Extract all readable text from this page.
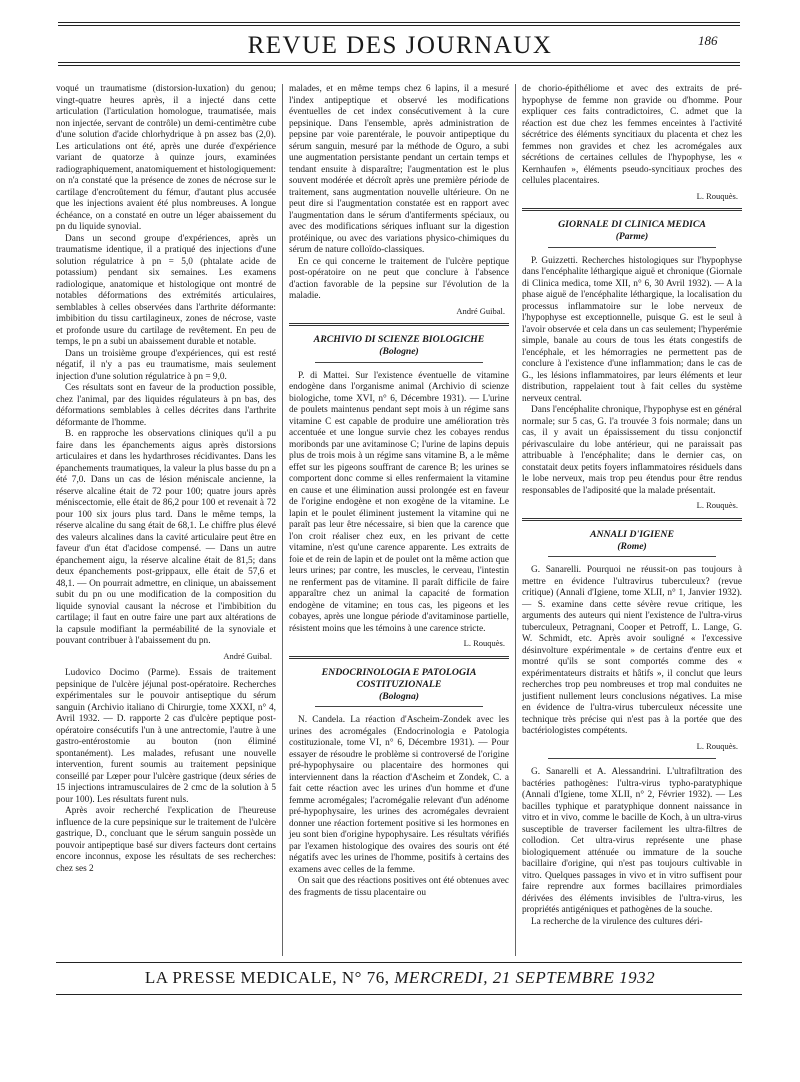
REVUE DES JOURNAUX	186

voqué un traumatisme (distorsion-luxation) du genou; vingt-quatre heures après, il a injecté dans cette articulation (l'articulation homologue, traumatisée, mais non injectée, servant de contrôle) un demi-centimètre cube d'une solution d'acide chlorhydrique à pn assez bas (2,0). Les articulations ont été, après une durée d'expérience variant de quatorze à quinze jours, examinées radiographiquement, anatomiquement et histologiquement: on n'a constaté que la présence de zones de nécrose sur le cartilage d'encroûtement du fémur, d'autant plus accusée que les injections avaient été plus nombreuses. A longue échéance, on a constaté en outre un léger abaissement du pn du liquide synovial.

Dans un second groupe d'expériences, après un traumatisme identique, il a pratiqué des injections d'une solution régulatrice à pn = 5,0 (phtalate acide de potassium) pendant six semaines. Les examens radiologique, anatomique et histologique ont montré de notables déformations des extrémités articulaires, semblables à celles observées dans l'arthrite déformante: imbibition du tissu cartilagineux, zones de nécrose, vaste et profonde usure du cartilage de revêtement. En peu de temps, le pn a subi un abaissement durable et notable.

Dans un troisième groupe d'expériences, qui est resté négatif, il n'y a pas eu traumatisme, mais seulement injection d'une solution régulatrice à pn = 9,0.

Ces résultats sont en faveur de la production possible, chez l'animal, par des liquides régulateurs à pn bas, des déformations semblables à celles décrites dans l'arthrite déformante de l'homme.

B. en rapproche les observations cliniques qu'il a pu faire dans les épanchements aigus après distorsions articulaires et dans les hydarthroses récidivantes. Dans les épanchements traumatiques, la valeur la plus basse du pn a été 7,0. Dans un cas de lésion méniscale ancienne, la réserve alcaline était de 72 pour 100; quatre jours après méniscectomie, elle était de 86,2 pour 100 et revenait à 72 pour 100 six jours plus tard. Dans le même temps, la réserve alcaline du sang était de 68,1. Le chiffre plus élevé des valeurs alcalines dans la cavité articulaire peut être en faveur d'un état d'acidose compensé. — Dans un autre épanchement aigu, la réserve alcaline était de 81,5; dans deux épanchements post-grippaux, elle était de 57,6 et 48,1. — On pourrait admettre, en clinique, un abaissement subit du pn ou une modification de la composition du liquide synovial causant la nécrose et l'imbibition du cartilage; il faut en outre faire une part aux altérations de la capsule modifiant la perméabilité de la synoviale et pouvant contribuer à l'abaissement du pn.

André Guibal.

Ludovico Docimo (Parme). Essais de traitement pepsinique de l'ulcère jéjunal post-opératoire. Recherches expérimentales sur le pouvoir antiseptique du sérum sanguin (Archivio italiano di Chirurgie, tome XXXI, n° 4, Avril 1932. — D. rapporte 2 cas d'ulcère peptique post-opératoire consécutifs l'un à une antrectomie, l'autre à une gastro-entérostomie au bouton (non éliminé spontanément). Les malades, refusant une nouvelle intervention, furent soumis au traitement pepsinique conseillé par Lœper pour l'ulcère gastrique (deux séries de 15 injections intramusculaires de 2 cmc de la solution à 5 pour 100). Les résultats furent nuls.

Après avoir recherché l'explication de l'heureuse influence de la cure pepsinique sur le traitement de l'ulcère gastrique, D., concluant que le sérum sanguin possède un pouvoir antipeptique basé sur divers facteurs dont certains encore inconnus, expose les résultats de ses recherches: chez ses 2

malades, et en même temps chez 6 lapins, il a mesuré l'index antipeptique et observé les modifications éventuelles de cet index consécutivement à la cure pepsinique. Dans l'ensemble, après administration de pepsine par voie parentérale, le pouvoir antipeptique du sérum sanguin, mesuré par la méthode de Oguro, a subi une augmentation persistante pendant un certain temps et tendant ensuite à disparaître; l'augmentation est le plus souvent modérée et décroît après une première période de traitement, sans augmentation nouvelle ultérieure. On ne peut dire si l'augmentation constatée est en rapport avec l'augmentation dans le sérum d'antiferments spéciaux, ou avec des modifications sériques influant sur la digestion protéinique, ou avec des variations physico-chimiques du sérum de nature colloïdo-classiques.

En ce qui concerne le traitement de l'ulcère peptique post-opératoire on ne peut que conclure à l'absence d'action favorable de la pepsine sur l'évolution de la maladie.

André Guibal.

ARCHIVIO DI SCIENZE BIOLOGICHE

(Bologne)

P. di Mattei. Sur l'existence éventuelle de vitamine endogène dans l'organisme animal (Archivio di scienze biologiche, tome XVI, n° 6, Décembre 1931). — L'urine de poulets maintenus pendant sept mois à un régime sans vitamine C est capable de produire une amélioration très accentuée et une longue survie chez les cobayes rendus moribonds par une avitaminose C; l'urine de lapins depuis plus de trois mois à un régime sans vitamine B, a le même effet sur les pigeons souffrant de carence B; les urines se comportent donc comme si elles renfermaient la vitamine en cause et une élimination aussi prolongée est en faveur de l'origine endogène et non exogène de la vitamine. Le lapin et le poulet éliminent justement la vitamine qui ne paraît pas leur être nécessaire, si bien que la carence que l'on croit réaliser chez eux, en les privant de cette vitamine, n'est qu'une carence apparente. Les extraits de foie et de rein de lapin et de poulet ont la même action que leurs urines; par contre, les muscles, le cerveau, l'intestin ne renferment pas de vitamine. Il paraît difficile de faire apparaître chez un animal la capacité de formation endogène de vitamine; en tous cas, les pigeons et les cobayes, après une longue période d'avitaminose partielle, résistent moins que les témoins à une carence stricte.

L. Rouquès.

ENDOCRINOLOGIA E PATOLOGIA COSTITUZIONALE

(Bologna)

N. Candela. La réaction d'Ascheim-Zondek avec les urines des acromégales (Endocrinologia e Patologia costituzionale, tome VI, n° 6, Décembre 1931). — Pour essayer de résoudre le problème si controversé de l'origine pré-hypophysaire ou placentaire des hormones qui interviennent dans la réaction d'Ascheim et Zondek, C. a fait cette réaction avec les urines d'un homme et d'une femme acromégales; l'acromégalie relevant d'un adénome pré-hypophysaire, les urines des acromégales devraient donner une réaction fortement positive si les hormones en jeu sont bien d'origine hypophysaire. Les résultats vérifiés par l'examen histologique des ovaires des souris ont été négatifs avec les urines de l'homme, positifs à certains des examens avec celles de la femme.

On sait que des réactions positives ont été obtenues avec des fragments de tissu placentaire ou

de chorio-épithéliome et avec des extraits de pré-hypophyse de femme non gravide ou d'homme. Pour expliquer ces faits contradictoires, C. admet que la réaction est due chez les femmes enceintes à l'activité sécrétrice des éléments syncitiaux du placenta et chez les femmes non gravides et chez les acromégales aux sécrétions de certaines cellules de l'hypophyse, les « Kernhaufen », éléments pseudo-syncitiaux proches des cellules placentaires.

L. Rouquès.

GIORNALE DI CLINICA MEDICA

(Parme)

P. Guizzetti. Recherches histologiques sur l'hypophyse dans l'encéphalite léthargique aiguë et chronique (Giornale di Clinica medica, tome XII, n° 6, 30 Avril 1932). — A la phase aiguë de l'encéphalite léthargique, la localisation du processus inflammatoire sur le lobe nerveux de l'hypophyse est exceptionnelle, puisque G. est le seul à l'avoir observée et cela dans un cas seulement; l'hyperémie simple, banale au cours de tous les états congestifs de l'encéphale, et les hémorragies ne permettent pas de conclure à l'existence d'une inflammation; dans le cas de G., les lésions inflammatoires, par leurs éléments et leur distribution, rappelaient tout à fait celles du système nerveux central.

Dans l'encéphalite chronique, l'hypophyse est en général normale; sur 5 cas, G. l'a trouvée 3 fois normale; dans un cas, il y avait un épaississement du tissu conjonctif périvasculaire du lobe antérieur, qui ne paraissait pas attribuable à l'encéphalite; dans le dernier cas, on constatait deux petits foyers inflammatoires résiduels dans le lobe nerveux, mais trop peu étendus pour être rendus responsables de l'adiposité que la malade présentait.

L. Rouquès.

ANNALI D'IGIENE

(Rome)

G. Sanarelli. Pourquoi ne réussit-on pas toujours à mettre en évidence l'ultravirus tuberculeux? (revue critique) (Annali d'Igiene, tome XLII, n° 1, Janvier 1932). — S. examine dans cette sévère revue critique, les arguments des auteurs qui nient l'existence de l'ultra-virus tuberculeux, Petragnani, Cooper et Petroff, L. Lange, G. W. Schmidt, etc. Après avoir souligné « l'excessive désinvolture expérimentale » de certains d'entre eux et montré qu'ils se sont comportés comme des « expérimentateurs distraits et hâtifs », il conclut que leurs recherches trop peu nombreuses et trop mal conduites ne justifient nullement leurs conclusions négatives. La mise en évidence de l'ultra-virus tuberculeux nécessite une technique très précise qui n'est pas à la portée que des bactériologistes compétents.

L. Rouquès.

G. Sanarelli et A. Alessandrini. L'ultrafiltration des bactéries pathogènes: l'ultra-virus typho-paratyphique (Annali d'Igiene, tome XLII, n° 2, Février 1932). — Les bacilles typhique et paratyphique donnent naissance in vitro et in vivo, comme le bacille de Koch, à un ultra-virus susceptible de traverser facilement les ultra-filtres de collodion. Cet ultra-virus représente une phase biologiquement atténuée ou immature de la souche bacillaire d'origine, qui n'est pas toujours cultivable in vitro. Quelques passages in vivo et in vitro suffisent pour faire reprendre aux formes bacillaires primordiales dérivées des éléments invisibles de l'ultra-virus, les propriétés antigéniques et pathogènes de la souche.

La recherche de la virulence des cultures déri-

LA PRESSE MEDICALE, N° 76, MERCREDI, 21 SEPTEMBRE 1932
